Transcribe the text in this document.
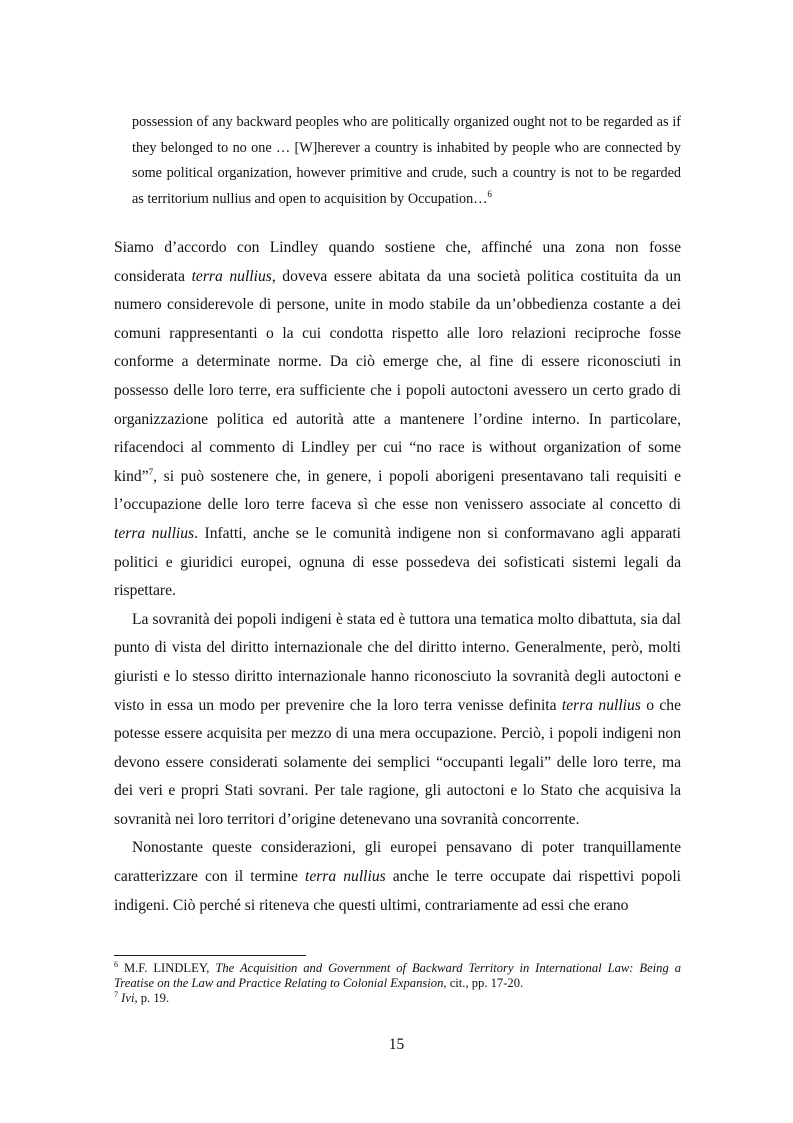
possession of any backward peoples who are politically organized ought not to be regarded as if they belonged to no one … [W]herever a country is inhabited by people who are connected by some political organization, however primitive and crude, such a country is not to be regarded as territorium nullius and open to acquisition by Occupation…$^6$

Siamo d’accordo con Lindley quando sostiene che, affinché una zona non fosse considerata terra nullius, doveva essere abitata da una società politica costituita da un numero considerevole di persone, unite in modo stabile da un’obbedienza costante a dei comuni rappresentanti o la cui condotta rispetto alle loro relazioni reciproche fosse conforme a determinate norme. Da ciò emerge che, al fine di essere riconosciuti in possesso delle loro terre, era sufficiente che i popoli autoctoni avessero un certo grado di organizzazione politica ed autorità atte a mantenere l’ordine interno. In particolare, rifacendoci al commento di Lindley per cui “no race is without organization of some kind”$^7$, si può sostenere che, in genere, i popoli aborigeni presentavano tali requisiti e l’occupazione delle loro terre faceva sì che esse non venissero associate al concetto di terra nullius. Infatti, anche se le comunità indigene non si conformavano agli apparati politici e giuridici europei, ognuna di esse possedeva dei sofisticati sistemi legali da rispettare.

La sovranità dei popoli indigeni è stata ed è tuttora una tematica molto dibattuta, sia dal punto di vista del diritto internazionale che del diritto interno. Generalmente, però, molti giuristi e lo stesso diritto internazionale hanno riconosciuto la sovranità degli autoctoni e visto in essa un modo per prevenire che la loro terra venisse definita terra nullius o che potesse essere acquisita per mezzo di una mera occupazione. Perciò, i popoli indigeni non devono essere considerati solamente dei semplici “occupanti legali” delle loro terre, ma dei veri e propri Stati sovrani. Per tale ragione, gli autoctoni e lo Stato che acquisiva la sovranità nei loro territori d’origine detenevano una sovranità concorrente.

Nonostante queste considerazioni, gli europei pensavano di poter tranquillamente caratterizzare con il termine terra nullius anche le terre occupate dai rispettivi popoli indigeni. Ciò perché si riteneva che questi ultimi, contrariamente ad essi che erano

$^6$ M.F. LINDLEY, The Acquisition and Government of Backward Territory in International Law: Being a Treatise on the Law and Practice Relating to Colonial Expansion, cit., pp. 17-20.

$^7$ Ivi, p. 19.

15
